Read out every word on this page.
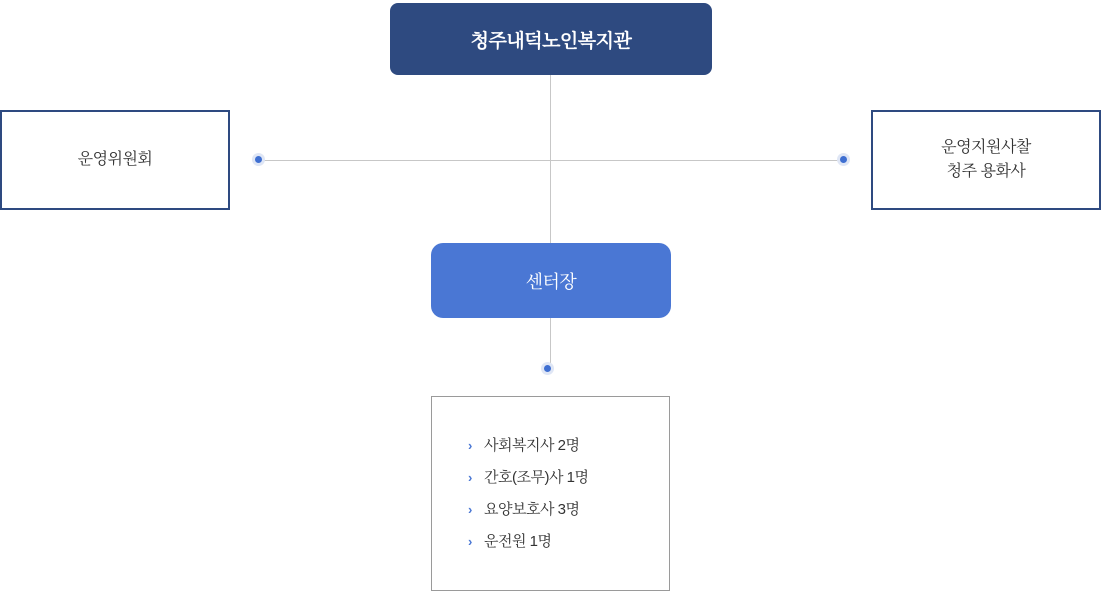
청주내덕노인복지관
운영위원회
운영지원사찰
청주 용화사
센터장
› 사회복지사 2명
› 간호(조무)사 1명
› 요양보호사 3명
› 운전원 1명
